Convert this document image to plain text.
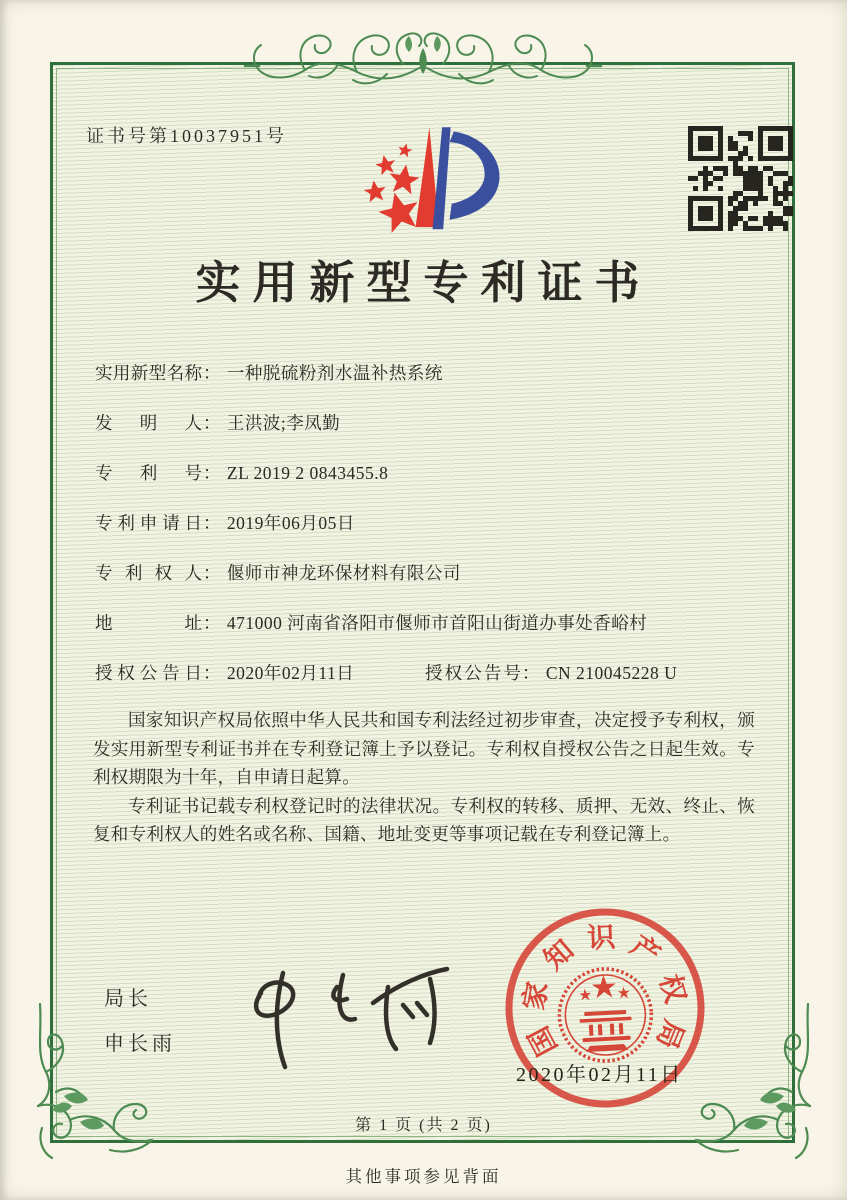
证书号第10037951号
实用新型专利证书
实用新型名称： 一种脱硫粉剂水温补热系统
发明人： 王洪波;李凤勤
专利号： ZL 2019 2 0843455.8
专利申请日： 2019年06月05日
专利权人： 偃师市神龙环保材料有限公司
地址： 471000 河南省洛阳市偃师市首阳山街道办事处香峪村
授权公告日： 2020年02月11日	授权公告号： CN 210045228 U

国家知识产权局依照中华人民共和国专利法经过初步审查，决定授予专利权，颁发实用新型专利证书并在专利登记簿上予以登记。专利权自授权公告之日起生效。专利权期限为十年，自申请日起算。

专利证书记载专利权登记时的法律状况。专利权的转移、质押、无效、终止、恢复和专利权人的姓名或名称、国籍、地址变更等事项记载在专利登记簿上。

局长
申长雨	国
家
知 识 产
权
局
2020年02月11日
第 1 页 (共 2 页)
其他事项参见背面
